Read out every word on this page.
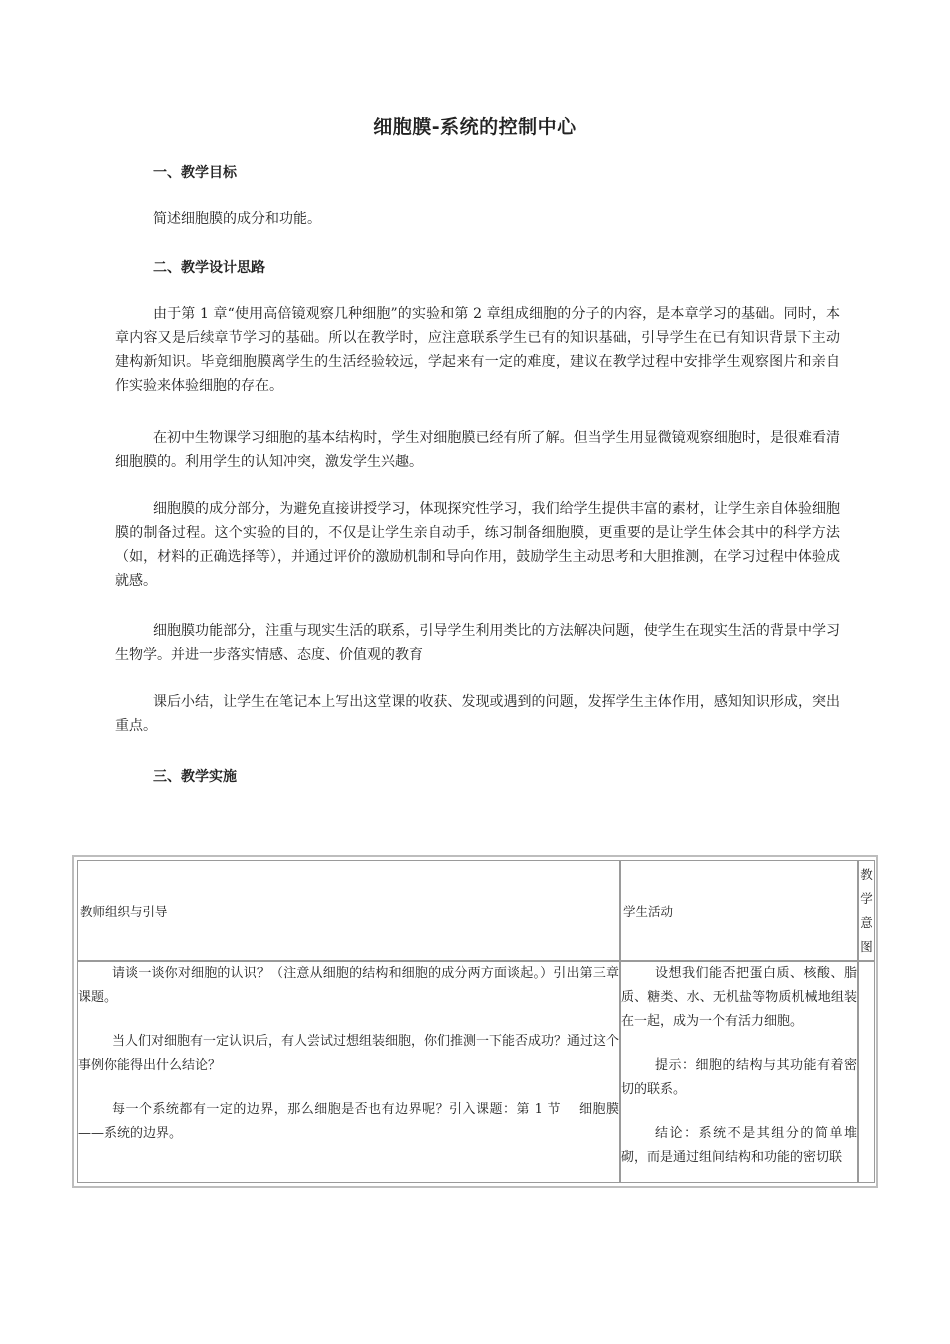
细胞膜-系统的控制中心
一、教学目标
简述细胞膜的成分和功能。
二、教学设计思路
由于第 1 章“使用高倍镜观察几种细胞”的实验和第 2 章组成细胞的分子的内容，是本章学习的基础。同时，本章内容又是后续章节学习的基础。所以在教学时，应注意联系学生已有的知识基础，引导学生在已有知识背景下主动建构新知识。毕竟细胞膜离学生的生活经验较远，学起来有一定的难度，建议在教学过程中安排学生观察图片和亲自作实验来体验细胞的存在。
在初中生物课学习细胞的基本结构时，学生对细胞膜已经有所了解。但当学生用显微镜观察细胞时，是很难看清细胞膜的。利用学生的认知冲突，激发学生兴趣。
细胞膜的成分部分，为避免直接讲授学习，体现探究性学习，我们给学生提供丰富的素材，让学生亲自体验细胞膜的制备过程。这个实验的目的，不仅是让学生亲自动手，练习制备细胞膜，更重要的是让学生体会其中的科学方法（如，材料的正确选择等），并通过评价的激励机制和导向作用，鼓励学生主动思考和大胆推测，在学习过程中体验成就感。
细胞膜功能部分，注重与现实生活的联系，引导学生利用类比的方法解决问题，使学生在现实生活的背景中学习生物学。并进一步落实情感、态度、价值观的教育
课后小结，让学生在笔记本上写出这堂课的收获、发现或遇到的问题，发挥学生主体作用，感知知识形成，突出重点。
三、教学实施
教师组织与引导	学生活动
教学意图

请谈一谈你对细胞的认识？（注意从细胞的结构和细胞的成分两方面谈起。）引出第三章课题。

当人们对细胞有一定认识后，有人尝试过想组装细胞，你们推测一下能否成功？通过这个事例你能得出什么结论？

每一个系统都有一定的边界，那么细胞是否也有边界呢？引入课题：第 1 节　 细胞膜——系统的边界。

设想我们能否把蛋白质、核酸、脂质、糖类、水、无机盐等物质机械地组装在一起，成为一个有活力细胞。

提示：细胞的结构与其功能有着密切的联系。

结论：系统不是其组分的简单堆砌，而是通过组间结构和功能的密切联
